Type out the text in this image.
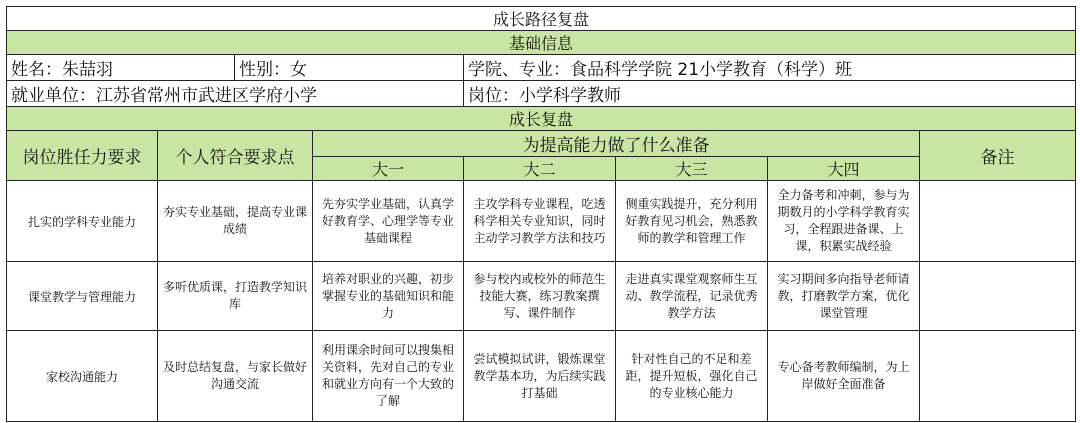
成长路径复盘							
基础信息							
姓名：朱喆羽		性别：女		学院、专业：食品科学学院 21小学教育（科学）班			
就业单位：江苏省常州市武进区学府小学				岗位：小学科学教师			
成长复盘							
岗位胜任力要求	个人符合要求点		为提高能力做了什么准备				备注
			大一	大二	大三	大四	
扎实的学科专业能力	夯实专业基础，提高专业课成绩		先夯实学业基础，认真学好教育学、心理学等专业基础课程	主攻学科专业课程，吃透科学相关专业知识，同时主动学习教学方法和技巧	侧重实践提升，充分利用好教育见习机会，熟悉教师的教学和管理工作	全力备考和冲刺，参与为期数月的小学科学教育实习，全程跟进备课、上课，积累实战经验	
课堂教学与管理能力	多听优质课，打造教学知识库		培养对职业的兴趣，初步掌握专业的基础知识和能力	参与校内或校外的师范生技能大赛，练习教案撰写、课件制作	走进真实课堂观察师生互动、教学流程，记录优秀教学方法	实习期间多向指导老师请教，打磨教学方案，优化课堂管理	
家校沟通能力	及时总结复盘，与家长做好沟通交流		利用课余时间可以搜集相关资料，先对自己的专业和就业方向有一个大致的了解	尝试模拟试讲，锻炼课堂教学基本功，为后续实践打基础	针对性自己的不足和差距，提升短板，强化自己的专业核心能力	专心备考教师编制，为上岸做好全面准备	
